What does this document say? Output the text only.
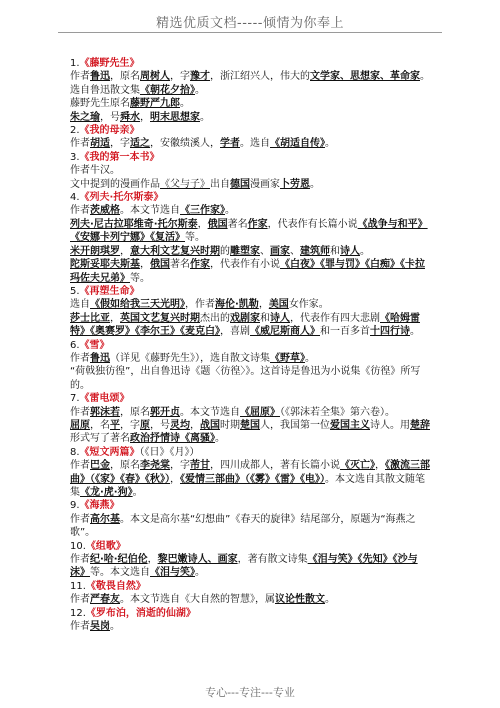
精选优质文档-----倾情为你奉上
1.《藤野先生》
作者鲁迅，原名周树人，字豫才，浙江绍兴人，伟大的文学家、思想家、革命家。
选自鲁迅散文集《朝花夕拾》。
藤野先生原名藤野严九郎。
朱之瑜，号舜水，明末思想家。
2.《我的母亲》
作者胡适，字适之，安徽绩溪人，学者。选自《胡适自传》。
3.《我的第一本书》
作者牛汉。
文中提到的漫画作品《父与子》出自德国漫画家卜劳恩。
4.《列夫·托尔斯泰》
作者茨威格。本文节选自《三作家》。
列夫·尼古拉耶维奇·托尔斯泰，俄国著名作家，代表作有长篇小说《战争与和平》《安娜卡列宁娜》《复活》等。
米开朗琪罗，意大利文艺复兴时期的雕塑家、画家、建筑师和诗人。
陀斯妥耶夫斯基，俄国著名作家，代表作有小说《白夜》《罪与罚》《白痴》《卡拉玛佐夫兄弟》等。
5.《再塑生命》
选自《假如给我三天光明》，作者海伦·凯勒，美国女作家。
莎士比亚，英国文艺复兴时期杰出的戏剧家和诗人，代表作有四大悲剧《哈姆雷特》《奥赛罗》《李尔王》《麦克白》，喜剧《威尼斯商人》和一百多首十四行诗。
6.《雪》
作者鲁迅（详见《藤野先生》），选自散文诗集《野草》。
“荷戟独彷徨”，出自鲁迅诗《题〈彷徨〉》。这首诗是鲁迅为小说集《彷徨》所写的。
7.《雷电颂》
作者郭沫若，原名郭开贞。本文节选自《屈原》（《郭沫若全集》第六卷）。
屈原，名平，字原，号灵均，战国时期楚国人，我国第一位爱国主义诗人。用楚辞形式写了著名政治抒情诗《离骚》。
8.《短文两篇》（《日》《月》）
作者巴金，原名李尧棠，字芾甘，四川成都人，著有长篇小说《灭亡》，《激流三部曲》（《家》《春》《秋》），《爱情三部曲》（《雾》《雷》《电》）。本文选自其散文随笔集《龙·虎·狗》。
9.《海燕》
作者高尔基。本文是高尔基“幻想曲”《春天的旋律》结尾部分，原题为“海燕之歌”。
10.《组歌》
作者纪·哈·纪伯伦，黎巴嫩诗人、画家，著有散文诗集《泪与笑》《先知》《沙与沫》等。本文选自《泪与笑》。
11.《敬畏自然》
作者严春友。本文节选自《大自然的智慧》，属议论性散文。
12.《罗布泊，消逝的仙湖》
作者吴岗。
专心---专注---专业
